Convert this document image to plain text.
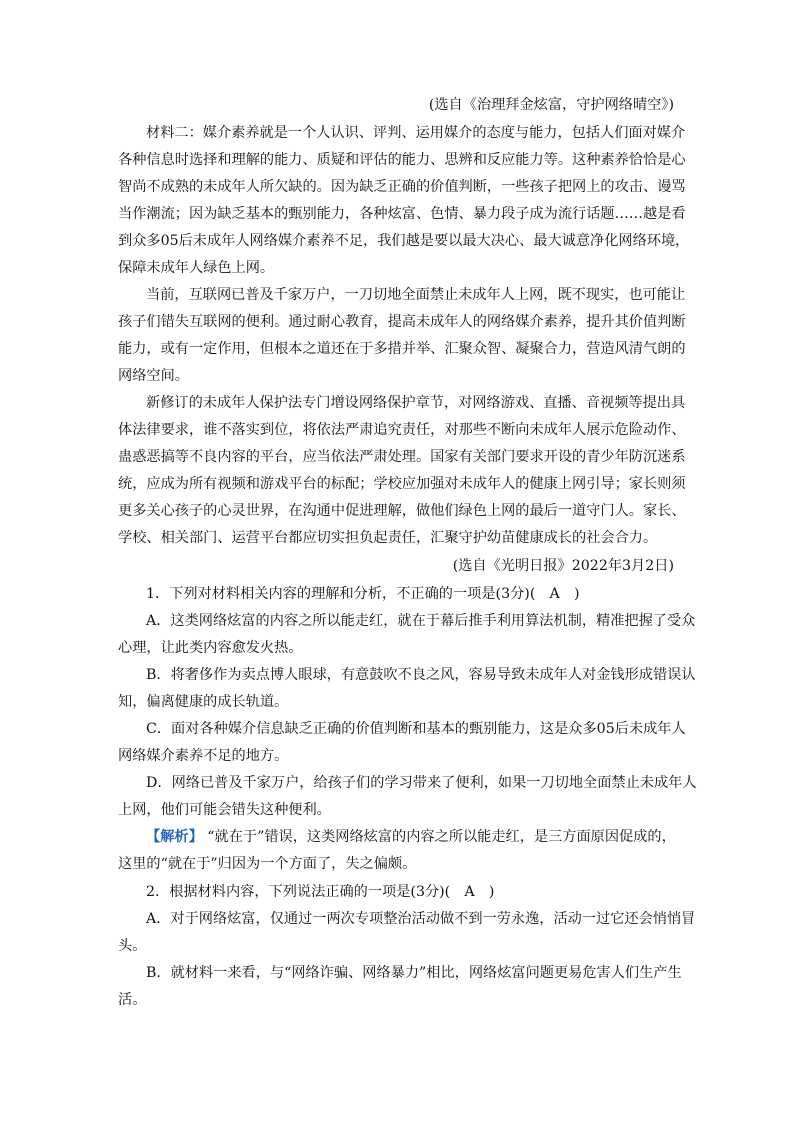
(选自《治理拜金炫富，守护网络晴空》)
材料二：媒介素养就是一个人认识、评判、运用媒介的态度与能力，包括人们面对媒介
各种信息时选择和理解的能力、质疑和评估的能力、思辨和反应能力等。这种素养恰恰是心
智尚不成熟的未成年人所欠缺的。因为缺乏正确的价值判断，一些孩子把网上的攻击、谩骂
当作潮流；因为缺乏基本的甄别能力，各种炫富、色情、暴力段子成为流行话题……越是看
到众多05后未成年人网络媒介素养不足，我们越是要以最大决心、最大诚意净化网络环境，
保障未成年人绿色上网。
当前，互联网已普及千家万户，一刀切地全面禁止未成年人上网，既不现实，也可能让
孩子们错失互联网的便利。通过耐心教育，提高未成年人的网络媒介素养，提升其价值判断
能力，或有一定作用，但根本之道还在于多措并举、汇聚众智、凝聚合力，营造风清气朗的
网络空间。
新修订的未成年人保护法专门增设网络保护章节，对网络游戏、直播、音视频等提出具
体法律要求，谁不落实到位，将依法严肃追究责任，对那些不断向未成年人展示危险动作、
蛊惑恶搞等不良内容的平台，应当依法严肃处理。国家有关部门要求开设的青少年防沉迷系
统，应成为所有视频和游戏平台的标配；学校应加强对未成年人的健康上网引导；家长则须
更多关心孩子的心灵世界，在沟通中促进理解，做他们绿色上网的最后一道守门人。家长、
学校、相关部门、运营平台都应切实担负起责任，汇聚守护幼苗健康成长的社会合力。
(选自《光明日报》2022年3月2日)
1．下列对材料相关内容的理解和分析，不正确的一项是(3分)(　A　)
A．这类网络炫富的内容之所以能走红，就在于幕后推手利用算法机制，精准把握了受众
心理，让此类内容愈发火热。
B．将奢侈作为卖点博人眼球，有意鼓吹不良之风，容易导致未成年人对金钱形成错误认
知，偏离健康的成长轨道。
C．面对各种媒介信息缺乏正确的价值判断和基本的甄别能力，这是众多05后未成年人
网络媒介素养不足的地方。
D．网络已普及千家万户，给孩子们的学习带来了便利，如果一刀切地全面禁止未成年人
上网，他们可能会错失这种便利。
【解析】 “就在于”错误，这类网络炫富的内容之所以能走红，是三方面原因促成的，
这里的“就在于”归因为一个方面了，失之偏颇。
2．根据材料内容，下列说法正确的一项是(3分)(　A　)
A．对于网络炫富，仅通过一两次专项整治活动做不到一劳永逸，活动一过它还会悄悄冒
头。
B．就材料一来看，与“网络诈骗、网络暴力”相比，网络炫富问题更易危害人们生产生
活。
